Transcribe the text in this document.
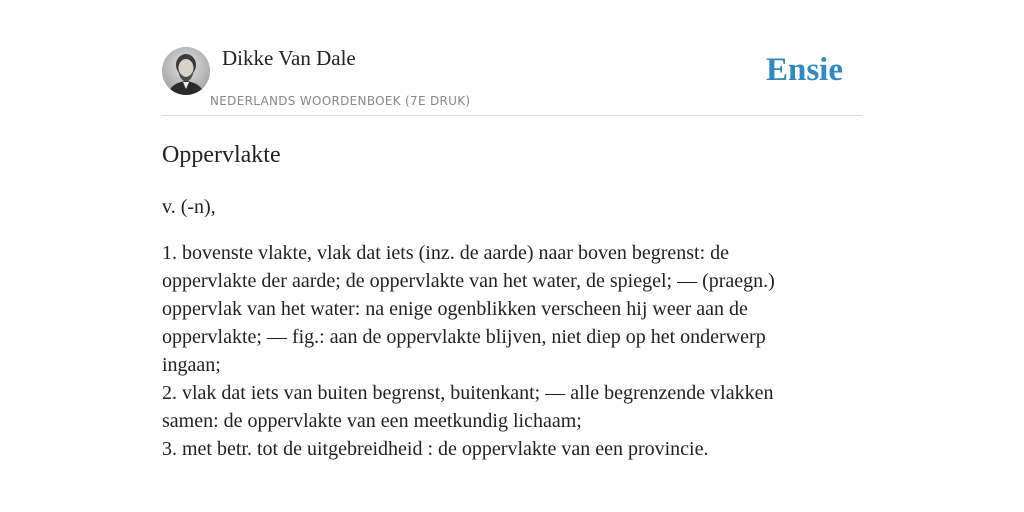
Dikke Van Dale
NEDERLANDS WOORDENBOEK (7E DRUK)
Ensie
Oppervlakte
v. (-n),
1. bovenste vlakte, vlak dat iets (inz. de aarde) naar boven begrenst: de
oppervlakte der aarde; de oppervlakte van het water, de spiegel; — (praegn.)
oppervlak van het water: na enige ogenblikken verscheen hij weer aan de
oppervlakte; — fig.: aan de oppervlakte blijven, niet diep op het onderwerp
ingaan;
2. vlak dat iets van buiten begrenst, buitenkant; — alle begrenzende vlakken
samen: de oppervlakte van een meetkundig lichaam;
3. met betr. tot de uitgebreidheid : de oppervlakte van een provincie.
